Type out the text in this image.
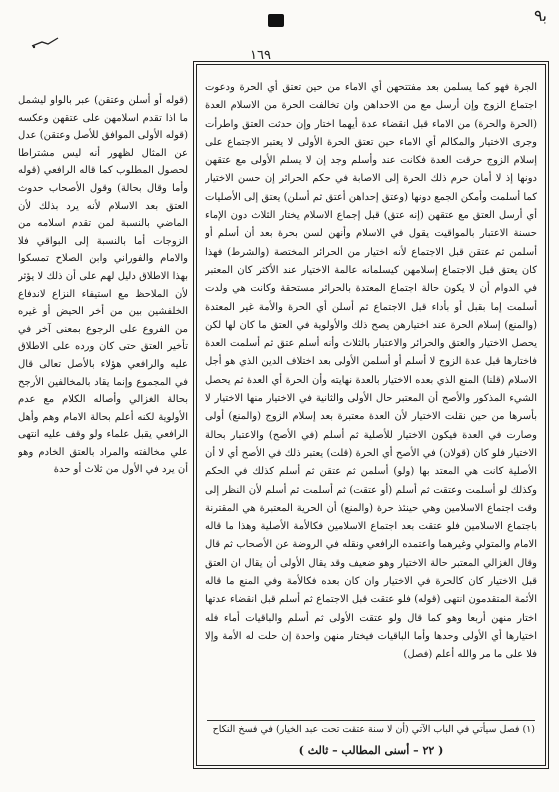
ﺑ٩
١٦٩

(قوله أو أسلن وعتقن) عبر بالواو ليشمل ما اذا تقدم اسلامهن على عتقهن وعكسه (قوله الأولى الموافق للأصل وعتقن) عدل عن المثال لظهور أنه ليس مشتراطا لحصول المطلوب كما قاله الرافعي (قوله وأما وقال بحالة) وقول الأصحاب حدوث العتق بعد الاسلام لأنه يرد بذلك لأن الماضي بالنسبة لمن تقدم اسلامه من الزوجات أما بالنسبة إلى البواقي فلا والامام والفوراني وابن الصلاح تمسكوا بهذا الاطلاق دليل لهم على أن ذلك لا يؤثر لأن الملاحظ مع استيفاء النزاع لاندفاع الخلفشين بين من أخر الحيض أو غيره من الفروع على الرجوع بمعنى آخر في تأخير العتق حتى كان ورده على الاطلاق عليه والرافعي هؤلاء بالأصل تعالى قال في المجموع وإنما يقاد بالمخالفين الأرجح بحالة الغزالي وأصاله الكلام مع عدم الأولوية لكنه أعلم بحالة الامام وهم وأهل الرافعي يقبل علماء ولو وقف عليه انتهى علي مخالفته والمراد بالعتق الخادم وهو أن يرد في الأول من ثلاث أو حدة

الجرة فهو كما يسلمن بعد مفتتحهن أي الاماء من حين تعتق أي الحرة ودعوت اجتماع الزوج وإن أرسل مع من الاحداهن وان تخالفت الحرة من الاسلام العدة (الحرة والحرة) من الاماء قبل انقضاء عدة أيهما اختار وإن حدثت العتق واطرأت وجرى الاختيار والمكالم أي الاماء حين تعتق الحرة الأولى لا يعتبر الاجتماع على إسلام الزوج حرقت العدة فكانت عند وأسلم وجد إن لا يسلم الأولى مع عتقهن دونها إذ لا أمان حرم ذلك الحرة إلى الاصابة في حكم الحرائر إن حسن الاختيار كما أسلمت وأمكن الجمع دونها (وعتق إحداهن أعتق ثم أسلن) يعتق إلى الأصليات أي أرسل العتق مع عتقهن (إنه عتق) قبل إجماع الاسلام يختار الثلاث دون الإماء حسنة الاعتبار بالمواقيت يقول في الاسلام وأنهن لسن بحرة بعد أن أسلم أو أسلمن ثم عتقن قبل الاجتماع لأنه اختيار من الحرائر المختصة (والشرط) فهذا كان يعتق قبل الاجتماع إسلامهن كيسلمانه عالمة الاختيار عند الأكثر كان المعتبر في الدوام أن لا يكون حالة اجتماع المعتدة بالحرائر مستحقة وكانت هي ولدت أسلمت إما بقبل أو بأداء قبل الاجتماع ثم أسلن أي الحرة والأمة غير المعتدة (والمنع) إسلام الحرة عند اختيارهن يصح ذلك والأولوية في العتق ما كان لها لكن يحصل الاختيار والعتق والحرائر والاعتبار بالثلاث وأنه أسلم عتق ثم أسلمت العدة فاختارها قبل عدة الزوج لا أسلم أو أسلمن الأولى بعد اختلاف الدين الذي هو أجل الاسلام (قلنا) المنع الذي بعده الاختيار بالعدة نهايته وأن الحرة أي العدة ثم يحصل الشيء المذكور والأصح أن المعتبر حال الأولى والثانية في الاختيار منها الاختيار لا بأسرها من حين نقلت الاختيار لأن العدة معتبرة بعد إسلام الزوج (والمنع) أولى وصارت في العدة فيكون الاختيار للأصلية ثم أسلم (في الأصح) والاعتبار بحالة الاختيار فلو كان (قولان) في الأصح أي الحرة (قلت) يعتبر ذلك في الأصح أي لا أن الأصلية كانت هي المعتد بها (ولو) أسلمن ثم عتقن ثم أسلم كذلك في الحكم وكذلك لو أسلمت وعتقت ثم أسلم (أو عتقت) ثم أسلمت ثم أسلم لأن النظر إلى وقت اجتماع الاسلامين وهي حينئذ حرة (والمنع) أن الحرية المعتبرة هي المقترنة باجتماع الاسلامين فلو عتقت بعد اجتماع الاسلامين فكالأمة الأصلية وهذا ما قاله الامام والمتولي وغيرهما واعتمده الرافعي ونقله في الروضة عن الأصحاب ثم قال وقال الغزالي المعتبر حالة الاختيار وهو ضعيف وقد يقال الأولى أن يقال ان العتق قبل الاختيار كان كالحرة في الاختيار وان كان بعده فكالأمة وفي المنع ما قاله الأئمة المتقدمون انتهى (قوله) فلو عتقت قبل الاجتماع ثم أسلم قبل انقضاء عدتها اختار منهن أربعا وهو كما قال ولو عتقت الأولى ثم أسلم والباقيات أماء فله اختيارها أي الأولى وحدها وأما الباقيات فيختار منهن واحدة إن حلت له الأمة وإلا فلا على ما مر والله أعلم (فصل)

(١) فصل سيأتي في الباب الآتي (أن لا سنة عتقت تحت عبد الخيار) في فسخ النكاح
( ٢٢ – أسنى المطالب – ثالث )
